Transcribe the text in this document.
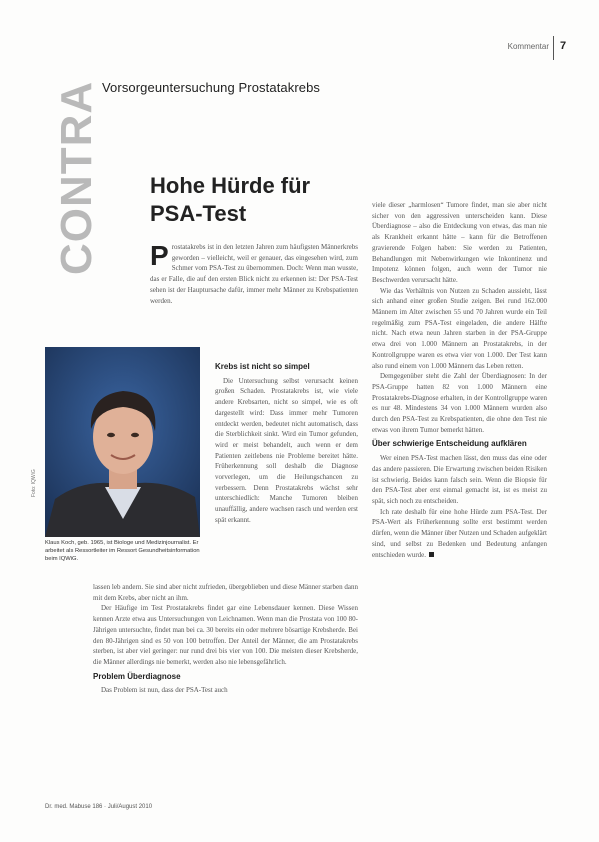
Kommentar 7
CONTRA Vorsorgeuntersuchung Prostatakrebs
Hohe Hürde für
PSA-Test
P rostatakrebs ist in den letzten Jahren zum häufigsten Männerkrebs geworden – vielleicht, weil er genauer, das eingesehen wird, zum Schmer vom PSA-Test zu übernommen. Doch: Wenn man wusste, das er Falle, die auf den ersten Blick nicht zu erkennen ist: Der PSA-Test sehen ist der Hauptursache dafür, immer mehr Männer zu Krebspatienten werden.
Krebs ist nicht so simpel

Die Untersuchung selbst verursacht keinen großen Schaden. Prostatakrebs ist, wie viele andere Krebsarten, nicht so simpel, wie es oft dargestellt wird: Dass immer mehr Tumoren entdeckt werden, bedeutet nicht automatisch, dass die Sterblichkeit sinkt. Wird ein Tumor gefunden, wird er meist behandelt, auch wenn er dem Patienten zeitlebens nie Probleme bereitet hätte. Früherkennung soll deshalb die Diagnose vorverlegen, um die Heilungschancen zu verbessern. Denn Prostatakrebs wächst sehr unterschiedlich: Manche Tumoren bleiben unauffällig, andere wachsen rasch und werden erst spät erkannt.

lassen leb andern. Sie sind aber nicht zufrieden, übergeblieben und diese Männer starben dann mit dem Krebs, aber nicht an ihm.

Der Häufige im Test Prostatakrebs findet gar eine Lebensdauer kennen. Diese Wissen kennen Arzte etwa aus Untersuchungen von Leichnamen. Wenn man die Prostata von 100 80-Jährigen untersuchte, findet man bei ca. 30 bereits ein oder mehrere bösartige Krebsherde. Bei den 80-Jährigen sind es 50 von 100 betroffen. Der Anteil der Männer, die am Prostatakrebs sterben, ist aber viel geringer: nur rund drei bis vier von 100. Die meisten dieser Krebsherde, die Männer allerdings nie bemerkt, werden also nie lebensgefährlich.

Problem Überdiagnose

Das Problem ist nun, dass der PSA-Test auch

viele dieser „harmlosen“ Tumore findet, man sie aber nicht sicher von den aggressiven unterscheiden kann. Diese Überdiagnose – also die Entdeckung von etwas, das man nie als Krankheit erkannt hätte – kann für die Betroffenen gravierende Folgen haben: Sie werden zu Patienten, Behandlungen mit Nebenwirkungen wie Inkontinenz und Impotenz können folgen, auch wenn der Tumor nie Beschwerden verursacht hätte.

Wie das Verhältnis von Nutzen zu Schaden aussieht, lässt sich anhand einer großen Studie zeigen. Bei rund 162.000 Männern im Alter zwischen 55 und 70 Jahren wurde ein Teil regelmäßig zum PSA-Test eingeladen, die andere Hälfte nicht. Nach etwa neun Jahren starben in der PSA-Gruppe etwa drei von 1.000 Männern an Prostatakrebs, in der Kontrollgruppe waren es etwa vier von 1.000. Der Test kann also rund einem von 1.000 Männern das Leben retten.

Demgegenüber steht die Zahl der Überdiagnosen: In der PSA-Gruppe hatten 82 von 1.000 Männern eine Prostatakrebs-Diagnose erhalten, in der Kontrollgruppe waren es nur 48. Mindestens 34 von 1.000 Männern wurden also durch den PSA-Test zu Krebspatienten, die ohne den Test nie etwas von ihrem Tumor bemerkt hätten.

Über schwierige Entscheidung aufklären

Wer einen PSA-Test machen lässt, den muss das eine oder das andere passieren. Die Erwartung zwischen beiden Risiken ist schwierig. Beides kann falsch sein. Wenn die Biopsie für den PSA-Test aber erst einmal gemacht ist, ist es meist zu spät, sich noch zu entscheiden.

Ich rate deshalb für eine hohe Hürde zum PSA-Test. Der PSA-Wert als Früherkennung sollte erst bestimmt werden dürfen, wenn die Männer über Nutzen und Schaden aufgeklärt sind, und selbst zu Bedenken und Bedeutung anfangen entschieden wurde.

Foto: IQWiG
Klaus Koch, geb. 1965, ist Biologe und Medizinjournalist. Er arbeitet als Ressortleiter im Ressort Gesundheitsinformation beim IQWiG.
Dr. med. Mabuse 186 · Juli/August 2010
